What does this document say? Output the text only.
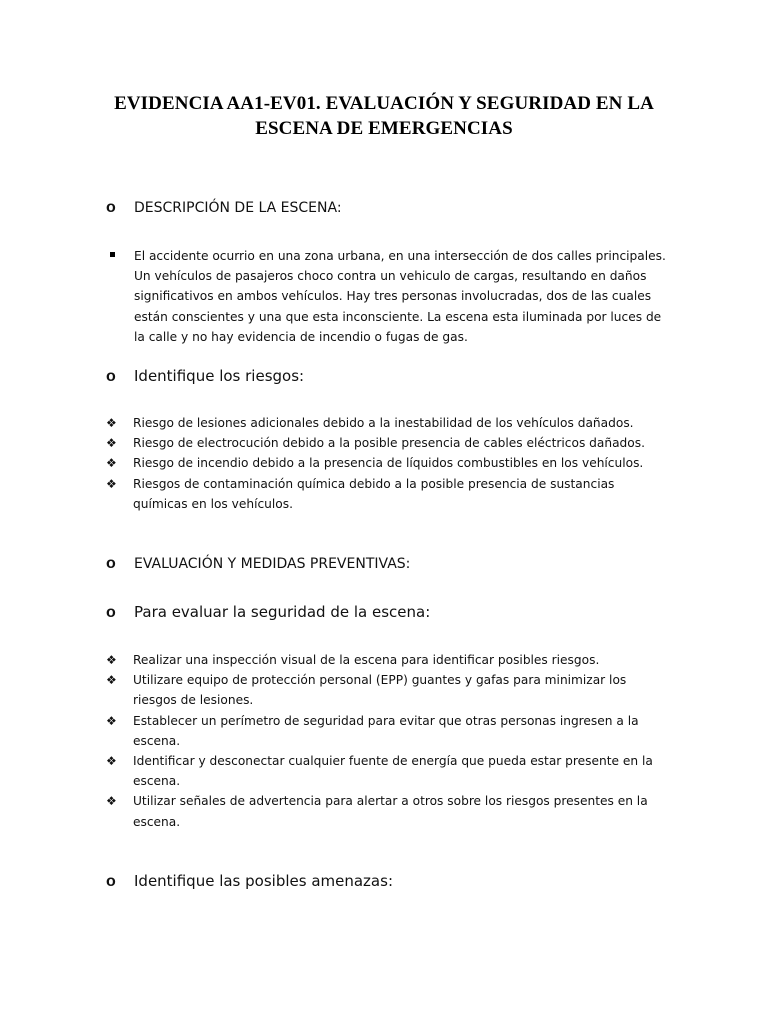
EVIDENCIA AA1-EV01. EVALUACIÓN Y SEGURIDAD EN LA ESCENA DE EMERGENCIAS
o	DESCRIPCIÓN DE LA ESCENA:
El accidente ocurrio en una zona urbana, en una intersección de dos calles principales. Un vehículos de pasajeros choco contra un vehiculo de cargas, resultando en daños significativos en ambos vehículos. Hay tres personas involucradas, dos de las cuales están conscientes y una que esta inconsciente. La escena esta iluminada por luces de la calle y no hay evidencia de incendio o fugas de gas.
o	Identifique los riesgos:
❖ Riesgo de lesiones adicionales debido a la inestabilidad de los vehículos dañados.
❖ Riesgo de electrocución debido a la posible presencia de cables eléctricos dañados.
❖ Riesgo de incendio debido a la presencia de líquidos combustibles en los vehículos.
❖ Riesgos de contaminación química debido a la posible presencia de sustancias químicas en los vehículos.
o	EVALUACIÓN Y MEDIDAS PREVENTIVAS:
o	Para evaluar la seguridad de la escena:
❖ Realizar una inspección visual de la escena para identificar posibles riesgos.
❖ Utilizare equipo de protección personal (EPP) guantes y gafas para minimizar los riesgos de lesiones.
❖ Establecer un perímetro de seguridad para evitar que otras personas ingresen a la escena.
❖ Identificar y desconectar cualquier fuente de energía que pueda estar presente en la escena.
❖ Utilizar señales de advertencia para alertar a otros sobre los riesgos presentes en la escena.
o	Identifique las posibles amenazas:
